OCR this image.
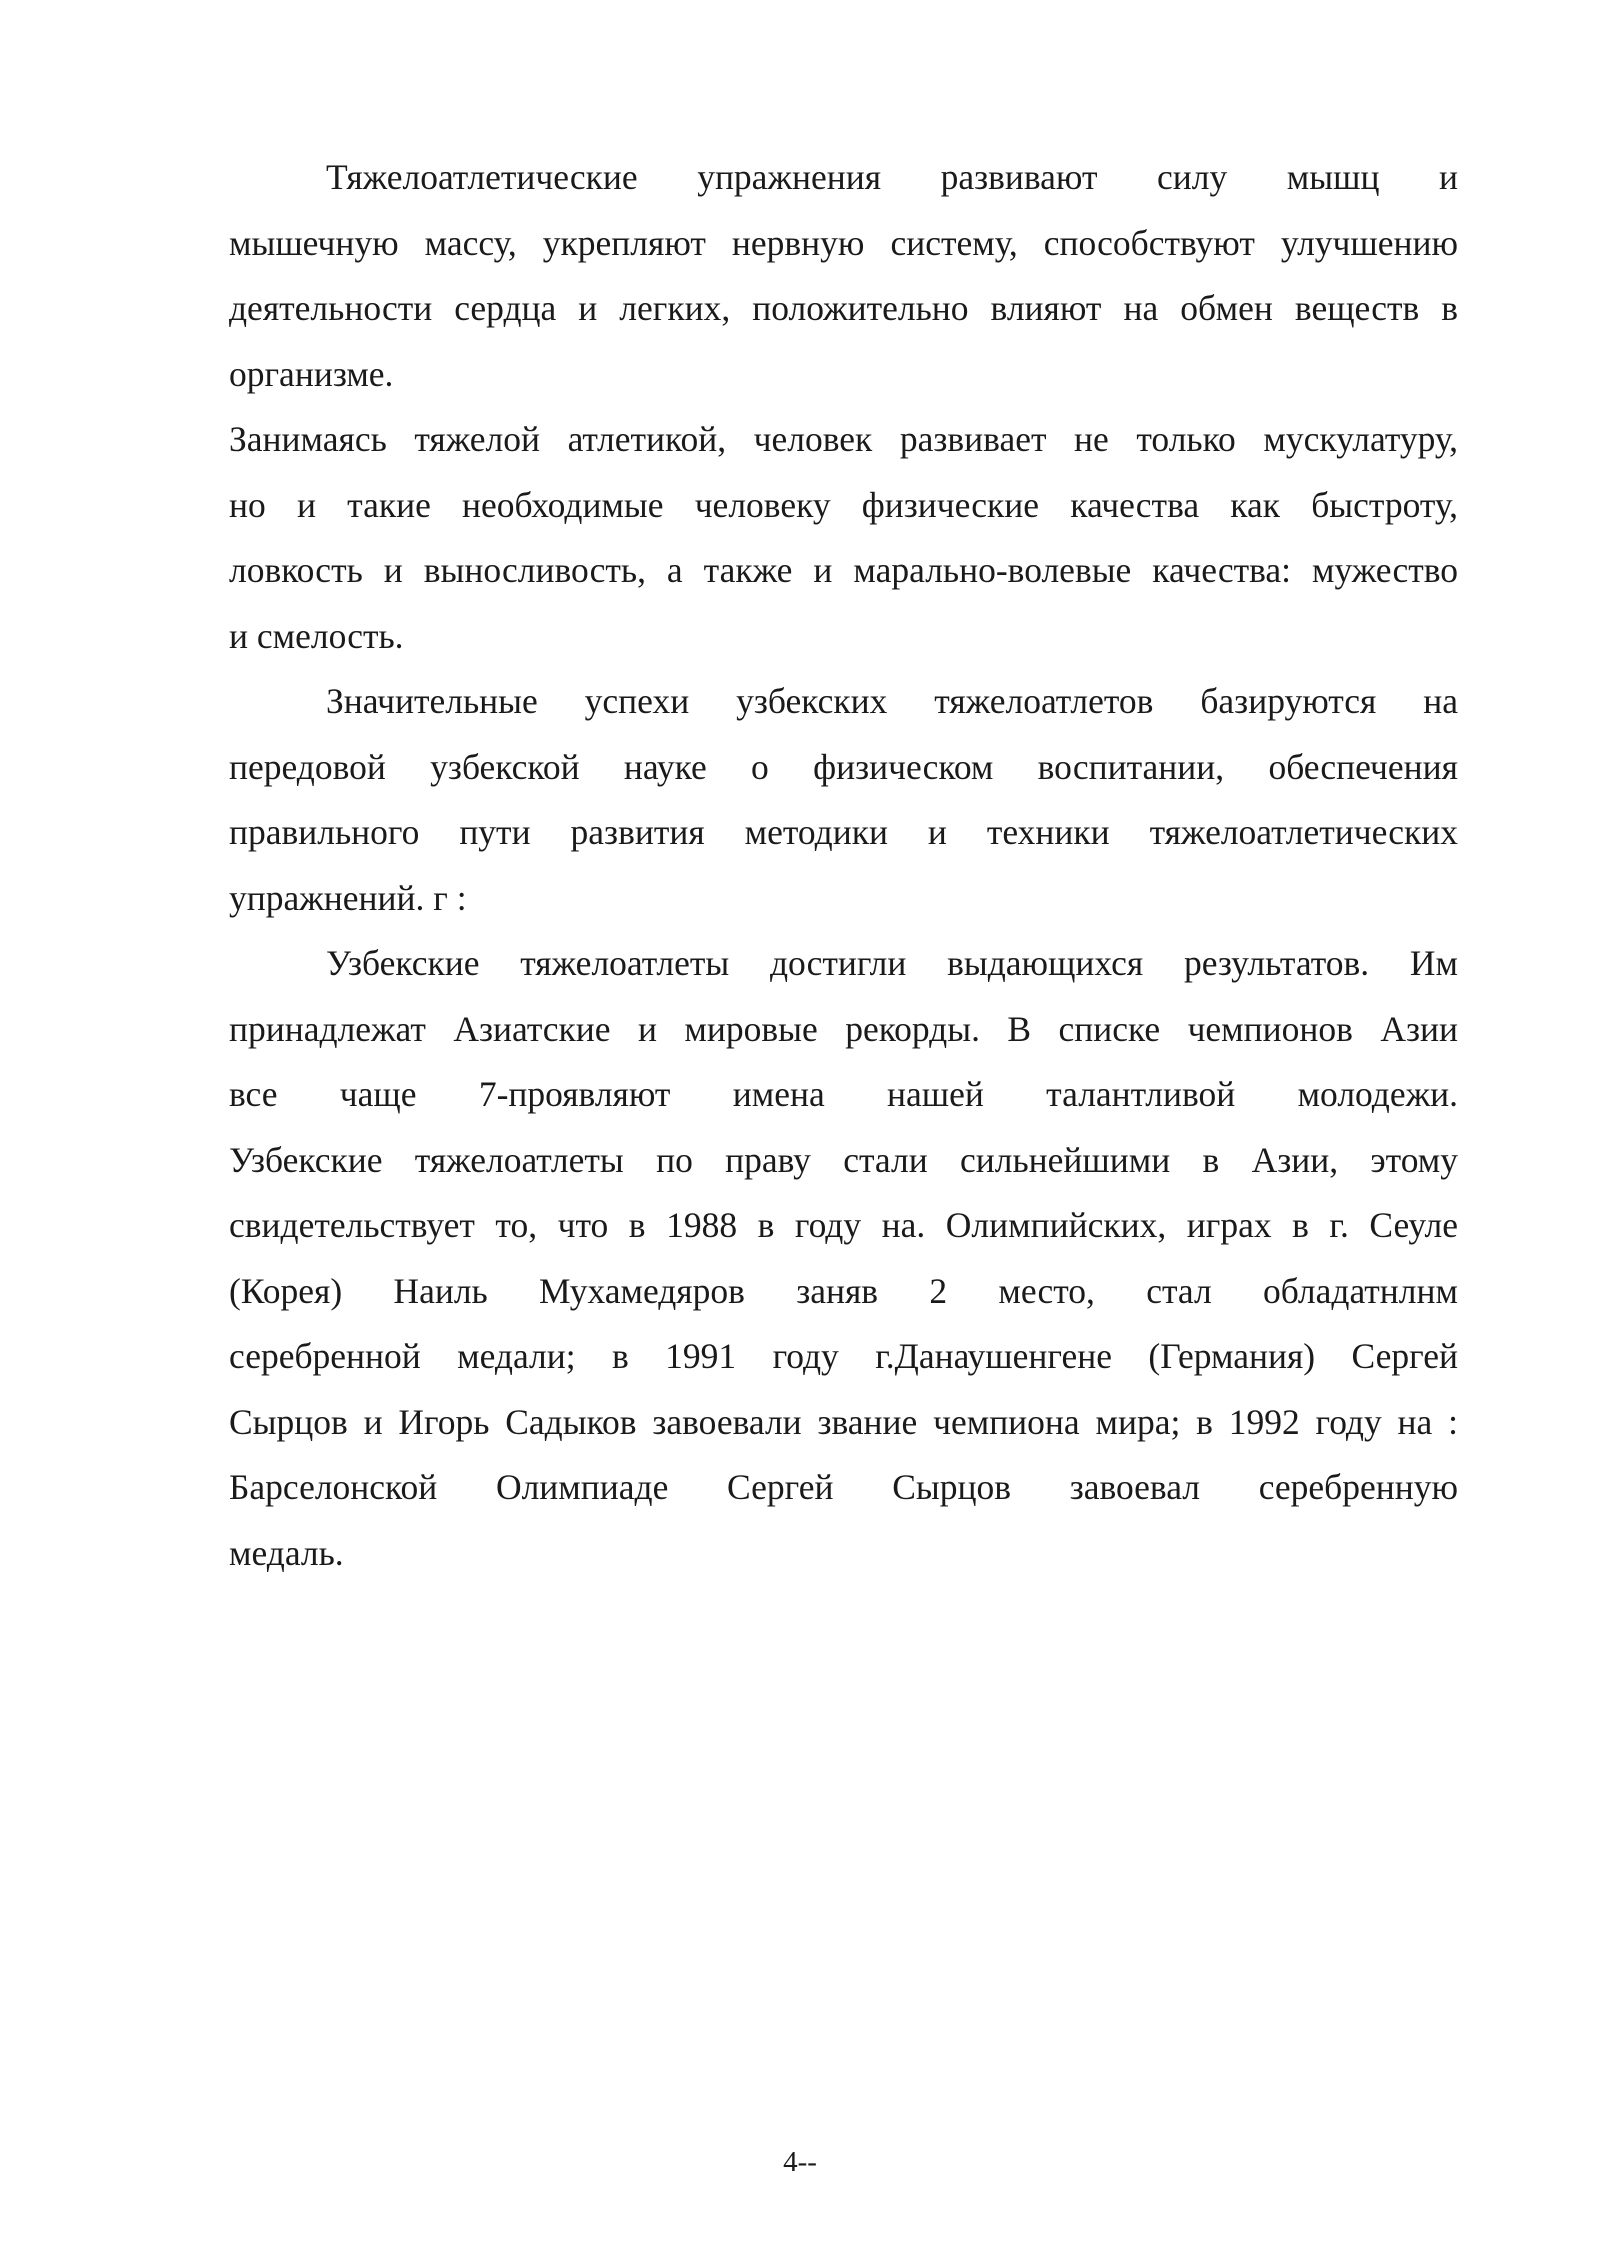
Тяжелоатлетические упражнения развивают силу мышц и
мышечную массу, укрепляют нервную систему, способствуют улучшению
деятельности сердца и легких, положительно влияют на обмен веществ в
организме.
Занимаясь тяжелой атлетикой, человек развивает не только мускулатуру,
но и такие необходимые человеку физические качества как быстроту,
ловкость и выносливость, а также и марально-волевые качества: мужество
и смелость.
Значительные успехи узбекских тяжелоатлетов базируются на
передовой узбекской науке о физическом воспитании, обеспечения
правильного пути развития методики и техники тяжелоатлетических
упражнений. г :
Узбекские тяжелоатлеты достигли выдающихся результатов. Им
принадлежат Азиатские и мировые рекорды. В списке чемпионов Азии
все чаще 7-проявляют имена нашей талантливой молодежи.
Узбекские тяжелоатлеты по праву стали сильнейшими в Азии, этому
свидетельствует то, что в 1988 в году на. Олимпийских, играх в г. Сеуле
(Корея) Наиль Мухамедяров заняв 2 место, стал обладатнлнм
серебренной медали; в 1991 году г.Данаушенгене (Германия) Сергей
Сырцов и Игорь Садыков завоевали звание чемпиона мира; в 1992 году на :
Барселонской Олимпиаде Сергей Сырцов завоевал серебренную
медаль.
4--
